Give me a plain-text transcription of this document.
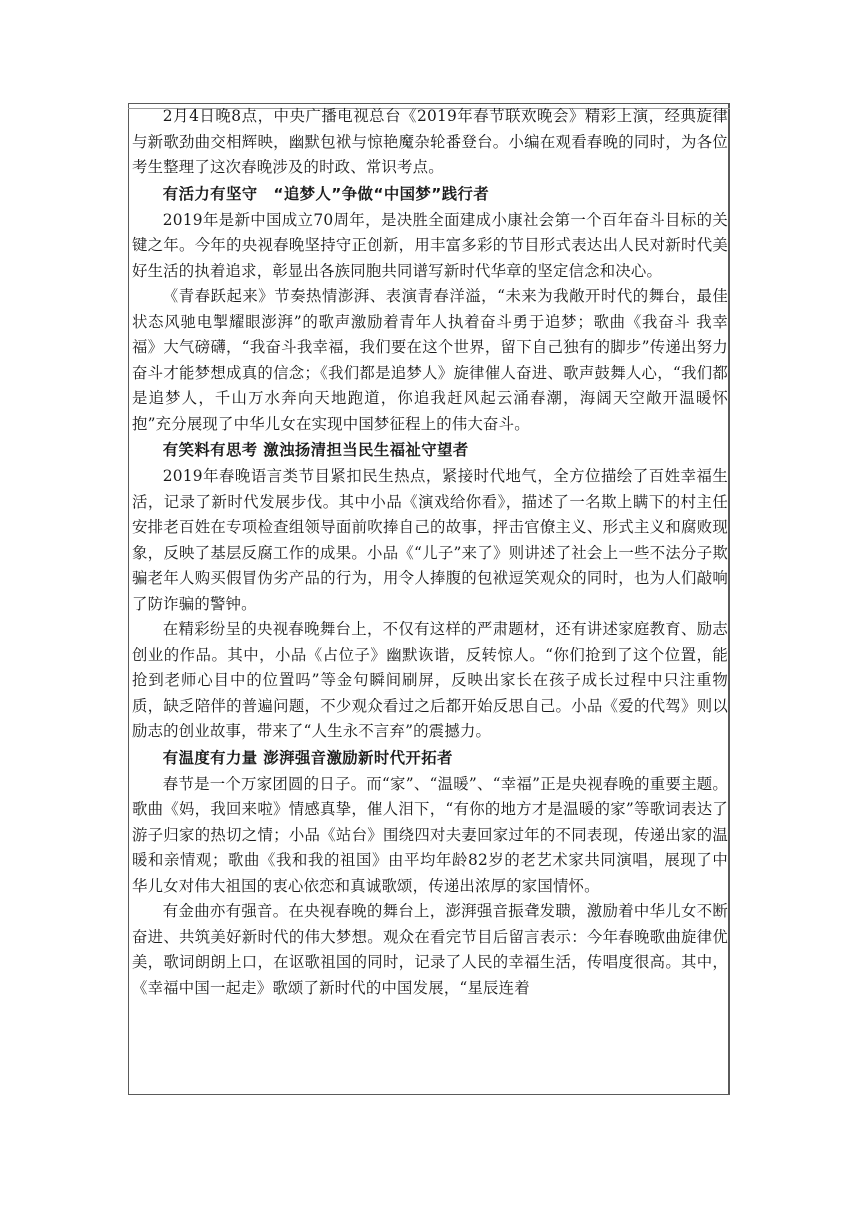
2月4日晚8点，中央广播电视总台《2019年春节联欢晚会》精彩上演，经典旋律与新歌劲曲交相辉映，幽默包袱与惊艳魔杂轮番登台。小编在观看春晚的同时，为各位考生整理了这次春晚涉及的时政、常识考点。

有活力有坚守　“追梦人”争做“中国梦”践行者

2019年是新中国成立70周年，是决胜全面建成小康社会第一个百年奋斗目标的关键之年。今年的央视春晚坚持守正创新，用丰富多彩的节目形式表达出人民对新时代美好生活的执着追求，彰显出各族同胞共同谱写新时代华章的坚定信念和决心。

《青春跃起来》节奏热情澎湃、表演青春洋溢，“未来为我敞开时代的舞台，最佳状态风驰电掣耀眼澎湃”的歌声激励着青年人执着奋斗勇于追梦；歌曲《我奋斗 我幸福》大气磅礴，“我奋斗我幸福，我们要在这个世界，留下自己独有的脚步”传递出努力奋斗才能梦想成真的信念；《我们都是追梦人》旋律催人奋进、歌声鼓舞人心，“我们都是追梦人，千山万水奔向天地跑道，你追我赶风起云涌春潮，海阔天空敞开温暖怀抱”充分展现了中华儿女在实现中国梦征程上的伟大奋斗。

有笑料有思考 激浊扬清担当民生福祉守望者

2019年春晚语言类节目紧扣民生热点，紧接时代地气，全方位描绘了百姓幸福生活，记录了新时代发展步伐。其中小品《演戏给你看》，描述了一名欺上瞒下的村主任安排老百姓在专项检查组领导面前吹捧自己的故事，抨击官僚主义、形式主义和腐败现象，反映了基层反腐工作的成果。小品《“儿子”来了》则讲述了社会上一些不法分子欺骗老年人购买假冒伪劣产品的行为，用令人捧腹的包袱逗笑观众的同时，也为人们敲响了防诈骗的警钟。

在精彩纷呈的央视春晚舞台上，不仅有这样的严肃题材，还有讲述家庭教育、励志创业的作品。其中，小品《占位子》幽默诙谐，反转惊人。“你们抢到了这个位置，能抢到老师心目中的位置吗”等金句瞬间刷屏，反映出家长在孩子成长过程中只注重物质，缺乏陪伴的普遍问题，不少观众看过之后都开始反思自己。小品《爱的代驾》则以励志的创业故事，带来了“人生永不言弃”的震撼力。

有温度有力量 澎湃强音激励新时代开拓者

春节是一个万家团圆的日子。而“家”、“温暖”、“幸福”正是央视春晚的重要主题。歌曲《妈，我回来啦》情感真挚，催人泪下，“有你的地方才是温暖的家”等歌词表达了游子归家的热切之情；小品《站台》围绕四对夫妻回家过年的不同表现，传递出家的温暖和亲情观；歌曲《我和我的祖国》由平均年龄82岁的老艺术家共同演唱，展现了中华儿女对伟大祖国的衷心依恋和真诚歌颂，传递出浓厚的家国情怀。

有金曲亦有强音。在央视春晚的舞台上，澎湃强音振聋发聩，激励着中华儿女不断奋进、共筑美好新时代的伟大梦想。观众在看完节目后留言表示：今年春晚歌曲旋律优美，歌词朗朗上口，在讴歌祖国的同时，记录了人民的幸福生活，传唱度很高。其中，《幸福中国一起走》歌颂了新时代的中国发展，“星辰连着
